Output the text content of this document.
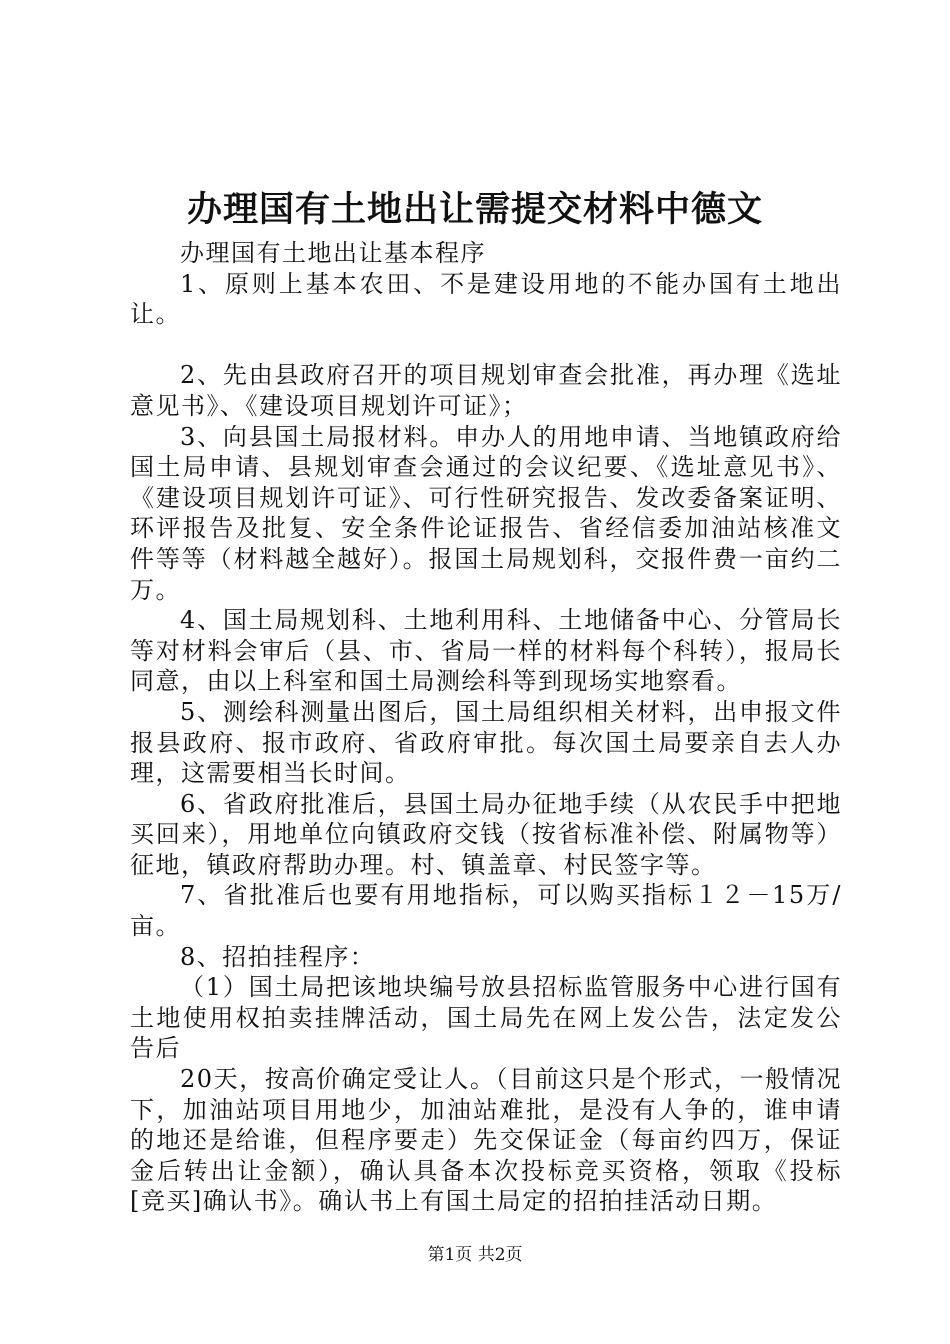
办理国有土地出让需提交材料中德文

办理国有土地出让基本程序

1、原则上基本农田、不是建设用地的不能办国有土地出让。

2、先由县政府召开的项目规划审查会批准，再办理《选址意见书》、《建设项目规划许可证》；

3、向县国土局报材料。申办人的用地申请、当地镇政府给国土局申请、县规划审查会通过的会议纪要、《选址意见书》、《建设项目规划许可证》、可行性研究报告、发改委备案证明、环评报告及批复、安全条件论证报告、省经信委加油站核准文件等等（材料越全越好）。报国土局规划科，交报件费一亩约二万。

4、国土局规划科、土地利用科、土地储备中心、分管局长等对材料会审后（县、市、省局一样的材料每个科转），报局长同意，由以上科室和国土局测绘科等到现场实地察看。

5、测绘科测量出图后，国土局组织相关材料，出申报文件报县政府、报市政府、省政府审批。每次国土局要亲自去人办理，这需要相当长时间。

6、省政府批准后，县国土局办征地手续（从农民手中把地买回来），用地单位向镇政府交钱（按省标准补偿、附属物等）征地，镇政府帮助办理。村、镇盖章、村民签字等。

7、省批准后也要有用地指标，可以购买指标１２－15万/亩。

8、招拍挂程序：

（1）国土局把该地块编号放县招标监管服务中心进行国有土地使用权拍卖挂牌活动，国土局先在网上发公告，法定发公告后

20天，按高价确定受让人。（目前这只是个形式，一般情况下，加油站项目用地少，加油站难批，是没有人争的，谁申请的地还是给谁，但程序要走）先交保证金（每亩约四万，保证金后转出让金额），确认具备本次投标竞买资格，领取《投标[竞买]确认书》。确认书上有国土局定的招拍挂活动日期。

第1页 共2页
